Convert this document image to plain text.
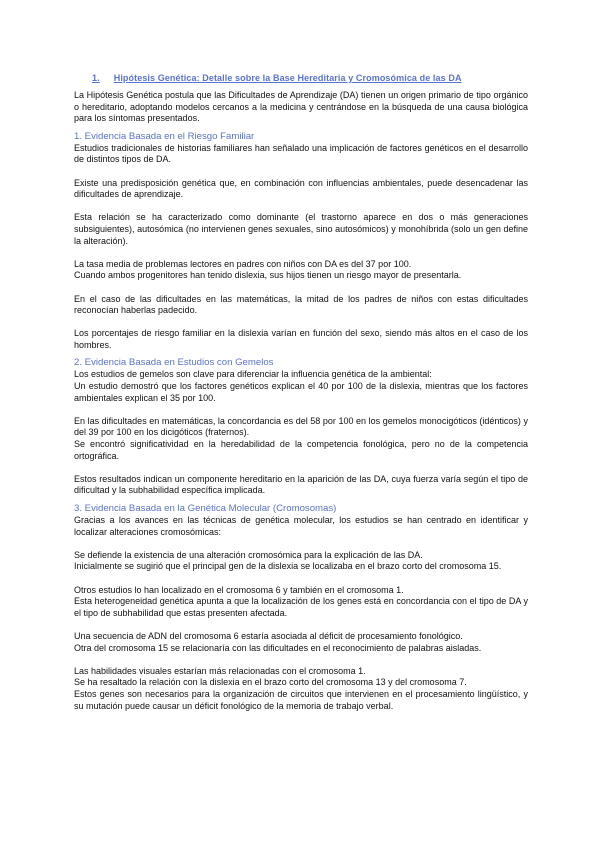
1. Hipótesis Genética: Detalle sobre la Base Hereditaria y Cromosómica de las DA

La Hipótesis Genética postula que las Dificultades de Aprendizaje (DA) tienen un origen primario de tipo orgánico o hereditario, adoptando modelos cercanos a la medicina y centrándose en la búsqueda de una causa biológica para los síntomas presentados.

1. Evidencia Basada en el Riesgo Familiar

Estudios tradicionales de historias familiares han señalado una implicación de factores genéticos en el desarrollo de distintos tipos de DA.

Existe una predisposición genética que, en combinación con influencias ambientales, puede desencadenar las dificultades de aprendizaje.

Esta relación se ha caracterizado como dominante (el trastorno aparece en dos o más generaciones subsiguientes), autosómica (no intervienen genes sexuales, sino autosómicos) y monohíbrida (solo un gen define la alteración).

La tasa media de problemas lectores en padres con niños con DA es del 37 por 100.

Cuando ambos progenitores han tenido dislexia, sus hijos tienen un riesgo mayor de presentarla.

En el caso de las dificultades en las matemáticas, la mitad de los padres de niños con estas dificultades reconocían haberlas padecido.

Los porcentajes de riesgo familiar en la dislexia varían en función del sexo, siendo más altos en el caso de los hombres.

2. Evidencia Basada en Estudios con Gemelos

Los estudios de gemelos son clave para diferenciar la influencia genética de la ambiental:

Un estudio demostró que los factores genéticos explican el 40 por 100 de la dislexia, mientras que los factores ambientales explican el 35 por 100.

En las dificultades en matemáticas, la concordancia es del 58 por 100 en los gemelos monocigóticos (idénticos) y del 39 por 100 en los dicigóticos (fraternos).

Se encontró significatividad en la heredabilidad de la competencia fonológica, pero no de la competencia ortográfica.

Estos resultados indican un componente hereditario en la aparición de las DA, cuya fuerza varía según el tipo de dificultad y la subhabilidad específica implicada.

3. Evidencia Basada en la Genética Molecular (Cromosomas)

Gracias a los avances en las técnicas de genética molecular, los estudios se han centrado en identificar y localizar alteraciones cromosómicas:

Se defiende la existencia de una alteración cromosómica para la explicación de las DA.

Inicialmente se sugirió que el principal gen de la dislexia se localizaba en el brazo corto del cromosoma 15.

Otros estudios lo han localizado en el cromosoma 6 y también en el cromosoma 1.

Esta heterogeneidad genética apunta a que la localización de los genes está en concordancia con el tipo de DA y el tipo de subhabilidad que estas presenten afectada.

Una secuencia de ADN del cromosoma 6 estaría asociada al déficit de procesamiento fonológico.

Otra del cromosoma 15 se relacionaría con las dificultades en el reconocimiento de palabras aisladas.

Las habilidades visuales estarían más relacionadas con el cromosoma 1.

Se ha resaltado la relación con la dislexia en el brazo corto del cromosoma 13 y del cromosoma 7.

Estos genes son necesarios para la organización de circuitos que intervienen en el procesamiento lingüístico, y su mutación puede causar un déficit fonológico de la memoria de trabajo verbal.
